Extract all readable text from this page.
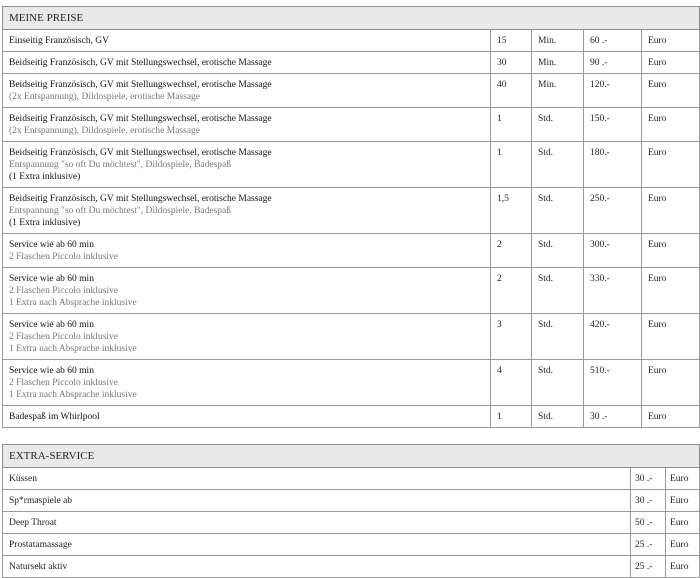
MEINE PREISE				

Einseitig Französisch, GV	15	Min.	60 .-	Euro

Beidseitig Französisch, GV mit Stellungswechsel, erotische Massage	30	Min.	90 .-	Euro

Beidseitig Französisch, GV mit Stellungswechsel, erotische Massage
(2x Entspannung), Dildospiele, erotische Massage	40	Min.	120.-	Euro

Beidseitig Französisch, GV mit Stellungswechsel, erotische Massage
(2x Entspannung), Dildospiele, erotische Massage	1	Std.	150.-	Euro

Beidseitig Französisch, GV mit Stellungswechsel, erotische Massage
Entspannung "so oft Du möchtest", Dildospiele, Badespaß
(1 Extra inklusive)	1	Std.	180.-	Euro

Beidseitig Französisch, GV mit Stellungswechsel, erotische Massage
Entspannung "so oft Du möchtest", Dildospiele, Badespaß
(1 Extra inklusive)	1,5	Std.	250.-	Euro

Service wie ab 60 min
2 Flaschen Piccolo inklusive	2	Std.	300.-	Euro

Service wie ab 60 min
2 Flaschen Piccolo inklusive
1 Extra nach Absprache inklusive	2	Std.	330.-	Euro

Service wie ab 60 min
2 Flaschen Piccolo inklusive
1 Extra nach Absprache inklusive	3	Std.	420.-	Euro

Service wie ab 60 min
2 Flaschen Piccolo inklusive
1 Extra nach Absprache inklusive	4	Std.	510.-	Euro

Badespaß im Whirlpool	1	Std.	30 .-	Euro
EXTRA-SERVICE		
Küssen	30 .-	Euro
Sp*rmaspiele ab	30 .-	Euro
Deep Throat	50 .-	Euro
Prostatamassage	25 .-	Euro
Natursekt aktiv	25 .-	Euro
